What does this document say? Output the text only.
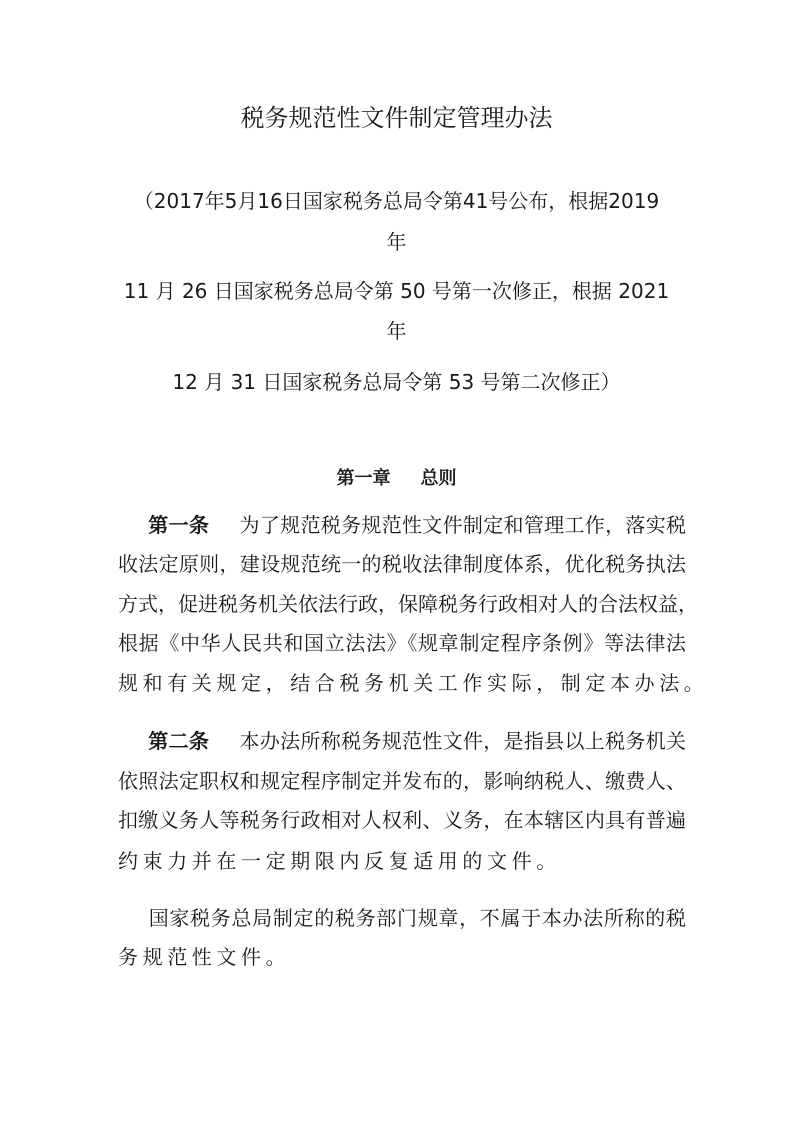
税务规范性文件制定管理办法
（2017年5月16日国家税务总局令第41号公布，根据2019
年
11 月 26 日国家税务总局令第 50 号第一次修正，根据 2021
年
12 月 31 日国家税务总局令第 53 号第二次修正）
第一章 总则
第一条 为了规范税务规范性文件制定和管理工作，落实税
收法定原则，建设规范统一的税收法律制度体系，优化税务执法
方式，促进税务机关依法行政，保障税务行政相对人的合法权益，
根据《中华人民共和国立法法》《规章制定程序条例》等法律法
规和有关规定，结合税务机关工作实际，制定本办法。
第二条 本办法所称税务规范性文件，是指县以上税务机关
依照法定职权和规定程序制定并发布的，影响纳税人、缴费人、
扣缴义务人等税务行政相对人权利、义务，在本辖区内具有普遍
约束力并在一定期限内反复适用的文件。
国家税务总局制定的税务部门规章，不属于本办法所称的税
务规范性文件。
